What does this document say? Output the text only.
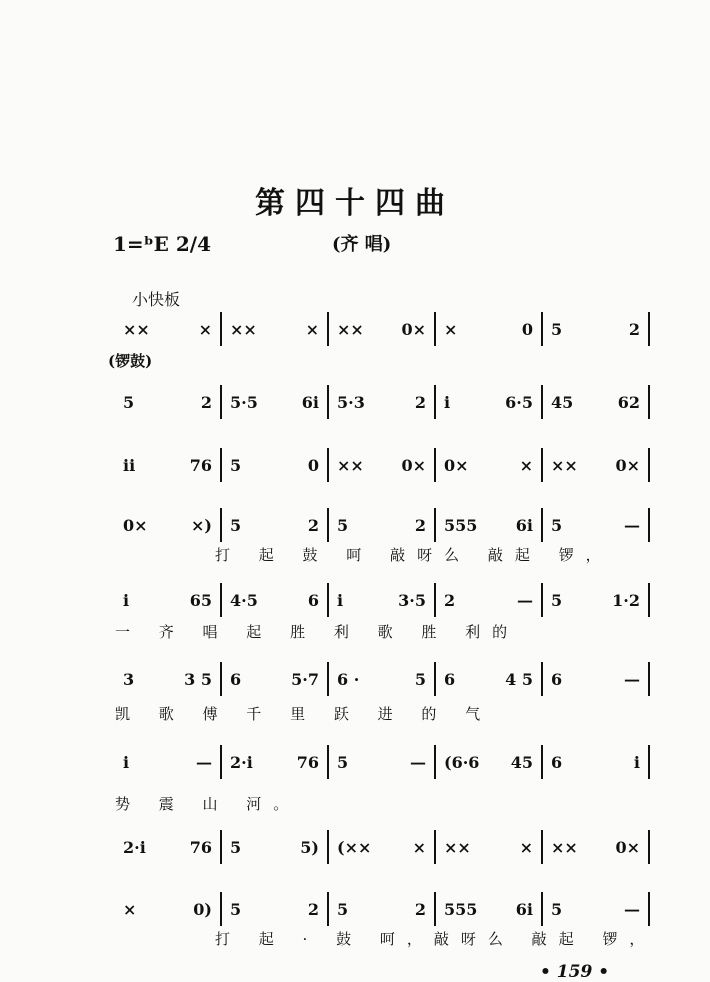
第四十四曲
1=ᵇE 2/4	(齐 唱)
小快板
(锣鼓)
××	× ××	× ×× 0× ×	0 5	2
5	2 5·5	6i 5·3	2 i	6·5 45	62
ii	76 5	0 ×× 0× 0×	× ×× 0×
0×	×) 5	2 5	2 555 6i 5	—
打 起 鼓 呵 敲呀么 敲起 锣，
i	65 4·5	6 i	3·5 2	— 5	1·2
一 齐 唱 起 胜 利 歌 胜 利的
3	3 5 6	5·7 6 ·	5 6	4 5 6	—
凯 歌 傅 千 里 跃 进 的 气
i	— 2·i	76 5	— (6·6 45 6	i
势 震 山 河。
2·i	76 5	5) (××	× ××	× ×× 0×
×	0) 5	2 5	2 555 6i 5	—
打 起 · 鼓 呵，敲呀么 敲起 锣，
• 159 •
